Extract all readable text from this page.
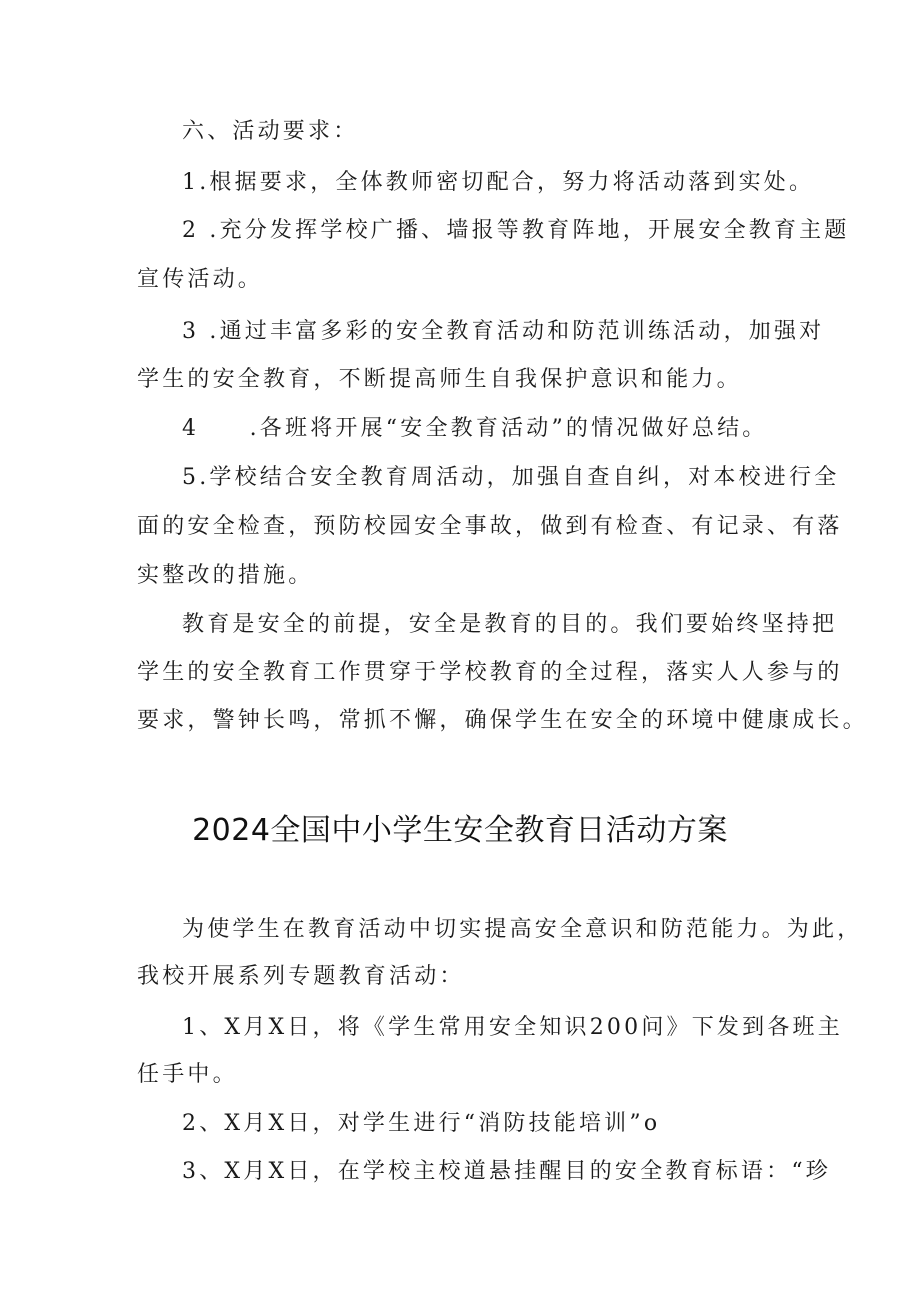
六、活动要求：
1.根据要求，全体教师密切配合，努力将活动落到实处。
2 .充分发挥学校广播、墙报等教育阵地，开展安全教育主题
宣传活动。
3 .通过丰富多彩的安全教育活动和防范训练活动，加强对
学生的安全教育，不断提高师生自我保护意识和能力。
4　　.各班将开展“安全教育活动”的情况做好总结。
5.学校结合安全教育周活动，加强自查自纠，对本校进行全
面的安全检查，预防校园安全事故，做到有检查、有记录、有落
实整改的措施。
教育是安全的前提，安全是教育的目的。我们要始终坚持把
学生的安全教育工作贯穿于学校教育的全过程，落实人人参与的
要求，警钟长鸣，常抓不懈，确保学生在安全的环境中健康成长。
2024全国中小学生安全教育日活动方案
为使学生在教育活动中切实提高安全意识和防范能力。为此，
我校开展系列专题教育活动：
1、X月X日，将《学生常用安全知识200问》下发到各班主
任手中。
2、X月X日，对学生进行“消防技能培训”o
3、X月X日，在学校主校道悬挂醒目的安全教育标语：“珍
